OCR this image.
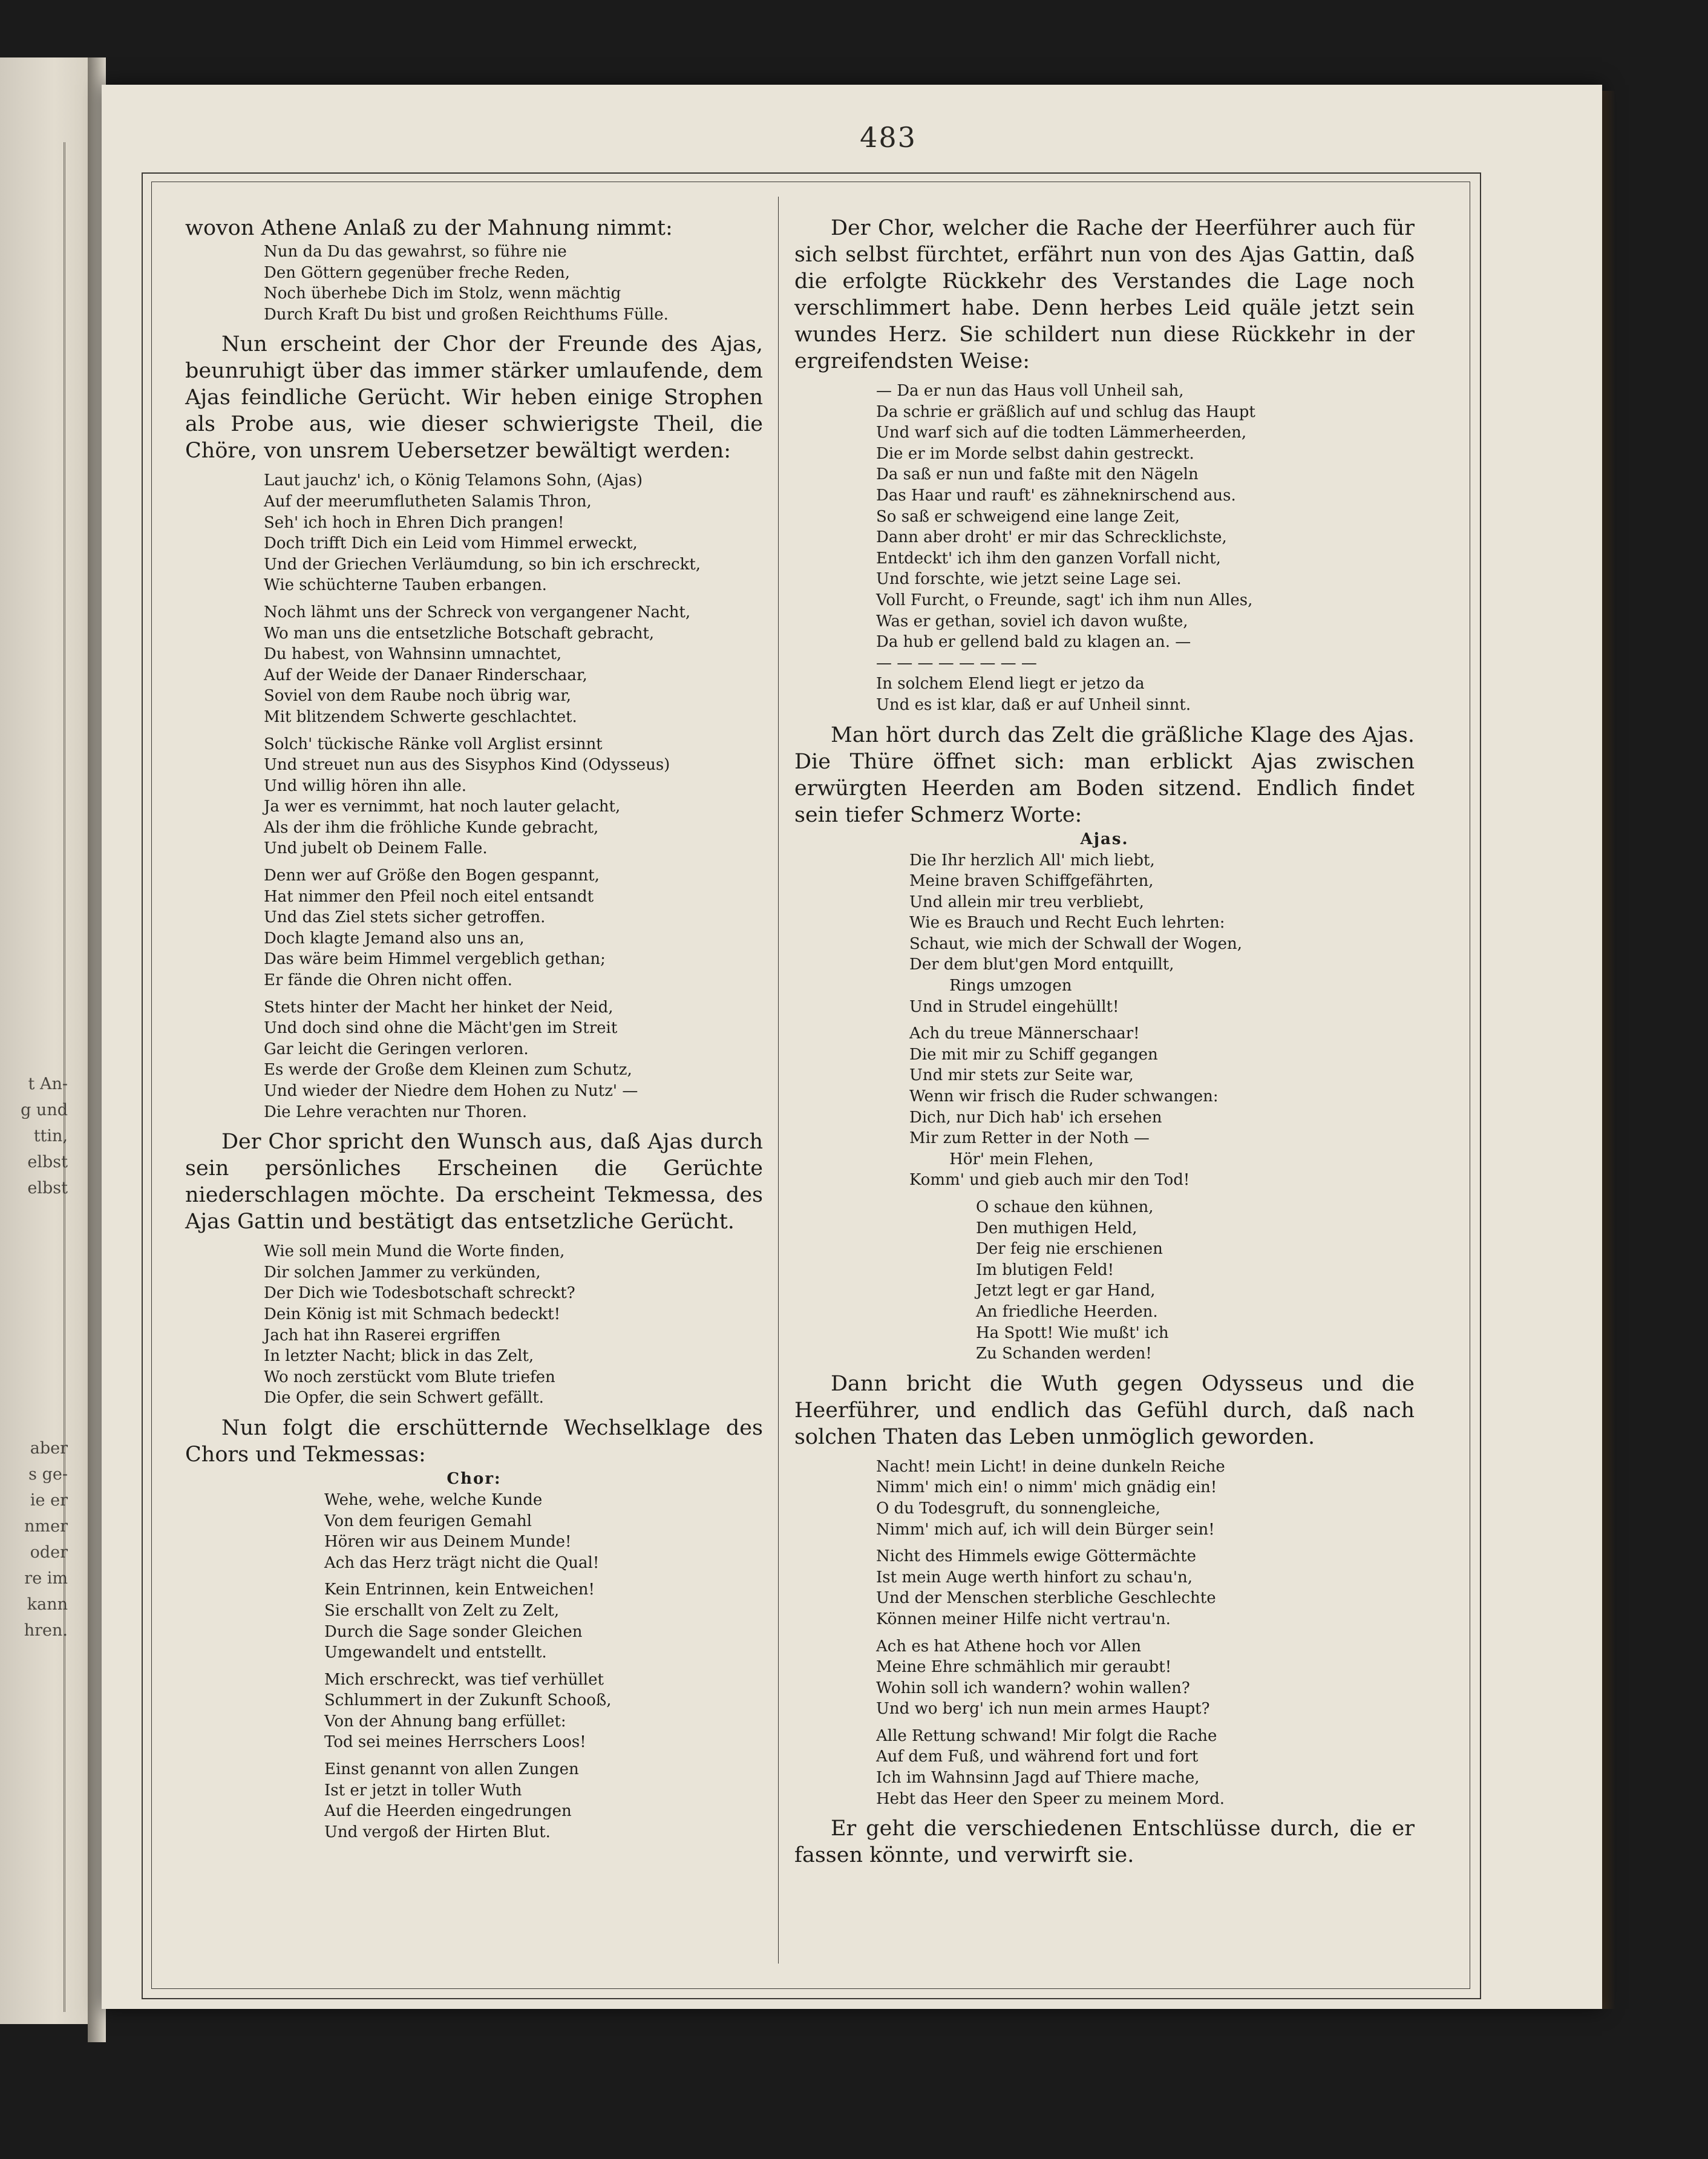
t An-
g und
ttin,
elbst
elbst

aber
s ge-
ie er
nmer
oder
re im
kann
hren.
483

wovon Athene Anlaß zu der Mahnung nimmt:

Nun da Du das gewahrst, so führe nie
Den Göttern gegenüber freche Reden,
Noch überhebe Dich im Stolz, wenn mächtig
Durch Kraft Du bist und großen Reichthums Fülle.

Nun erscheint der Chor der Freunde des Ajas, beunruhigt über das immer stärker umlaufende, dem Ajas feindliche Gerücht. Wir heben einige Strophen als Probe aus, wie dieser schwierigste Theil, die Chöre, von unsrem Uebersetzer bewältigt werden:

Laut jauchz' ich, o König Telamons Sohn, (Ajas)
Auf der meerumflutheten Salamis Thron,
Seh' ich hoch in Ehren Dich prangen!
Doch trifft Dich ein Leid vom Himmel erweckt,
Und der Griechen Verläumdung, so bin ich erschreckt,
Wie schüchterne Tauben erbangen.
Noch lähmt uns der Schreck von vergangener Nacht,
Wo man uns die entsetzliche Botschaft gebracht,
Du habest, von Wahnsinn umnachtet,
Auf der Weide der Danaer Rinderschaar,
Soviel von dem Raube noch übrig war,
Mit blitzendem Schwerte geschlachtet.
Solch' tückische Ränke voll Arglist ersinnt
Und streuet nun aus des Sisyphos Kind (Odysseus)
Und willig hören ihn alle.
Ja wer es vernimmt, hat noch lauter gelacht,
Als der ihm die fröhliche Kunde gebracht,
Und jubelt ob Deinem Falle.
Denn wer auf Größe den Bogen gespannt,
Hat nimmer den Pfeil noch eitel entsandt
Und das Ziel stets sicher getroffen.
Doch klagte Jemand also uns an,
Das wäre beim Himmel vergeblich gethan;
Er fände die Ohren nicht offen.
Stets hinter der Macht her hinket der Neid,
Und doch sind ohne die Mächt'gen im Streit
Gar leicht die Geringen verloren.
Es werde der Große dem Kleinen zum Schutz,
Und wieder der Niedre dem Hohen zu Nutz' —
Die Lehre verachten nur Thoren.

Der Chor spricht den Wunsch aus, daß Ajas durch sein persönliches Erscheinen die Gerüchte niederschlagen möchte. Da erscheint Tekmessa, des Ajas Gattin und bestätigt das entsetzliche Gerücht.

Wie soll mein Mund die Worte finden,
Dir solchen Jammer zu verkünden,
Der Dich wie Todesbotschaft schreckt?
Dein König ist mit Schmach bedeckt!
Jach hat ihn Raserei ergriffen
In letzter Nacht; blick in das Zelt,
Wo noch zerstückt vom Blute triefen
Die Opfer, die sein Schwert gefällt.

Nun folgt die erschütternde Wechselklage des Chors und Tekmessas:

Chor:
Wehe, wehe, welche Kunde
Von dem feurigen Gemahl
Hören wir aus Deinem Munde!
Ach das Herz trägt nicht die Qual!
Kein Entrinnen, kein Entweichen!
Sie erschallt von Zelt zu Zelt,
Durch die Sage sonder Gleichen
Umgewandelt und entstellt.
Mich erschreckt, was tief verhüllet
Schlummert in der Zukunft Schooß,
Von der Ahnung bang erfüllet:
Tod sei meines Herrschers Loos!
Einst genannt von allen Zungen
Ist er jetzt in toller Wuth
Auf die Heerden eingedrungen
Und vergoß der Hirten Blut.

Der Chor, welcher die Rache der Heerführer auch für sich selbst fürchtet, erfährt nun von des Ajas Gattin, daß die erfolgte Rückkehr des Verstandes die Lage noch verschlimmert habe. Denn herbes Leid quäle jetzt sein wundes Herz. Sie schildert nun diese Rückkehr in der ergreifendsten Weise:

— Da er nun das Haus voll Unheil sah,
Da schrie er gräßlich auf und schlug das Haupt
Und warf sich auf die todten Lämmerheerden,
Die er im Morde selbst dahin gestreckt.
Da saß er nun und faßte mit den Nägeln
Das Haar und rauft' es zähneknirschend aus.
So saß er schweigend eine lange Zeit,
Dann aber droht' er mir das Schrecklichste,
Entdeckt' ich ihm den ganzen Vorfall nicht,
Und forschte, wie jetzt seine Lage sei.
Voll Furcht, o Freunde, sagt' ich ihm nun Alles,
Was er gethan, soviel ich davon wußte,
Da hub er gellend bald zu klagen an. —
— — — — — — — —
In solchem Elend liegt er jetzo da
Und es ist klar, daß er auf Unheil sinnt.

Man hört durch das Zelt die gräßliche Klage des Ajas. Die Thüre öffnet sich: man erblickt Ajas zwischen erwürgten Heerden am Boden sitzend. Endlich findet sein tiefer Schmerz Worte:

Ajas.
Die Ihr herzlich All' mich liebt,
Meine braven Schiffgefährten,
Und allein mir treu verbliebt,
Wie es Brauch und Recht Euch lehrten:
Schaut, wie mich der Schwall der Wogen,
Der dem blut'gen Mord entquillt,
Rings umzogen
Und in Strudel eingehüllt!
Ach du treue Männerschaar!
Die mit mir zu Schiff gegangen
Und mir stets zur Seite war,
Wenn wir frisch die Ruder schwangen:
Dich, nur Dich hab' ich ersehen
Mir zum Retter in der Noth —
Hör' mein Flehen,
Komm' und gieb auch mir den Tod!
O schaue den kühnen,
Den muthigen Held,
Der feig nie erschienen
Im blutigen Feld!
Jetzt legt er gar Hand,
An friedliche Heerden.
Ha Spott! Wie mußt' ich
Zu Schanden werden!

Dann bricht die Wuth gegen Odysseus und die Heerführer, und endlich das Gefühl durch, daß nach solchen Thaten das Leben unmöglich geworden.

Nacht! mein Licht! in deine dunkeln Reiche
Nimm' mich ein! o nimm' mich gnädig ein!
O du Todesgruft, du sonnengleiche,
Nimm' mich auf, ich will dein Bürger sein!
Nicht des Himmels ewige Göttermächte
Ist mein Auge werth hinfort zu schau'n,
Und der Menschen sterbliche Geschlechte
Können meiner Hilfe nicht vertrau'n.
Ach es hat Athene hoch vor Allen
Meine Ehre schmählich mir geraubt!
Wohin soll ich wandern? wohin wallen?
Und wo berg' ich nun mein armes Haupt?
Alle Rettung schwand! Mir folgt die Rache
Auf dem Fuß, und während fort und fort
Ich im Wahnsinn Jagd auf Thiere mache,
Hebt das Heer den Speer zu meinem Mord.

Er geht die verschiedenen Entschlüsse durch, die er fassen könnte, und verwirft sie.
